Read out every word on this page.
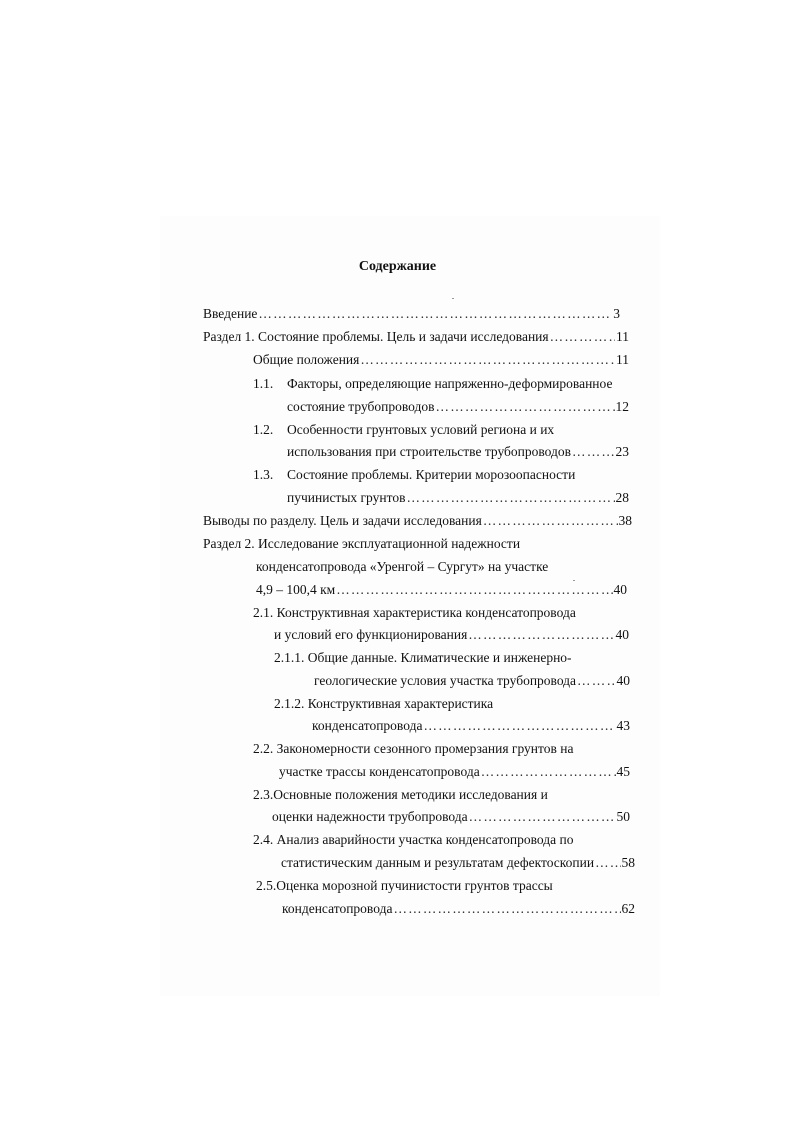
Содержание
Введение ………………………………………………………………………………………………………………………………………………	3
Раздел 1. Состояние проблемы. Цель и задачи исследования ………………………………………………………………………………………………………………………………………………	11
Общие положения ………………………………………………………………………………………………………………………………………………	11
1.1. Факторы, определяющие напряженно-деформированное
состояние трубопроводов ………………………………………………………………………………………………………………………………………………	12
1.2. Особенности грунтовых условий региона и их
использования при строительстве трубопроводов ………………………………………………………………………………………………………………………………………………	23
1.3. Состояние проблемы. Критерии морозоопасности
пучинистых грунтов ………………………………………………………………………………………………………………………………………………	28
Выводы по разделу. Цель и задачи исследования ………………………………………………………………………………………………………………………………………………	38
Раздел 2. Исследование эксплуатационной надежности
конденсатопровода «Уренгой – Сургут» на участке
4,9 – 100,4 км ………………………………………………………………………………………………………………………………………………	40
2.1. Конструктивная характеристика конденсатопровода
и условий его функционирования ………………………………………………………………………………………………………………………………………………	40
2.1.1. Общие данные. Климатические и инженерно-
геологические условия участка трубопровода ………………………………………………………………………………………………………………………………………………	40
2.1.2. Конструктивная характеристика
конденсатопровода ………………………………………………………………………………………………………………………………………………	43
2.2. Закономерности сезонного промерзания грунтов на
участке трассы конденсатопровода ………………………………………………………………………………………………………………………………………………	45
2.3.Основные положения методики исследования и
оценки надежности трубопровода ………………………………………………………………………………………………………………………………………………	50
2.4. Анализ аварийности участка конденсатопровода по
статистическим данным и результатам дефектоскопии ……………………………………………………………………………………………………………………………………………… 58
2.5.Оценка морозной пучинистости грунтов трассы
конденсатопровода ………………………………………………………………………………………………………………………………………………	62
